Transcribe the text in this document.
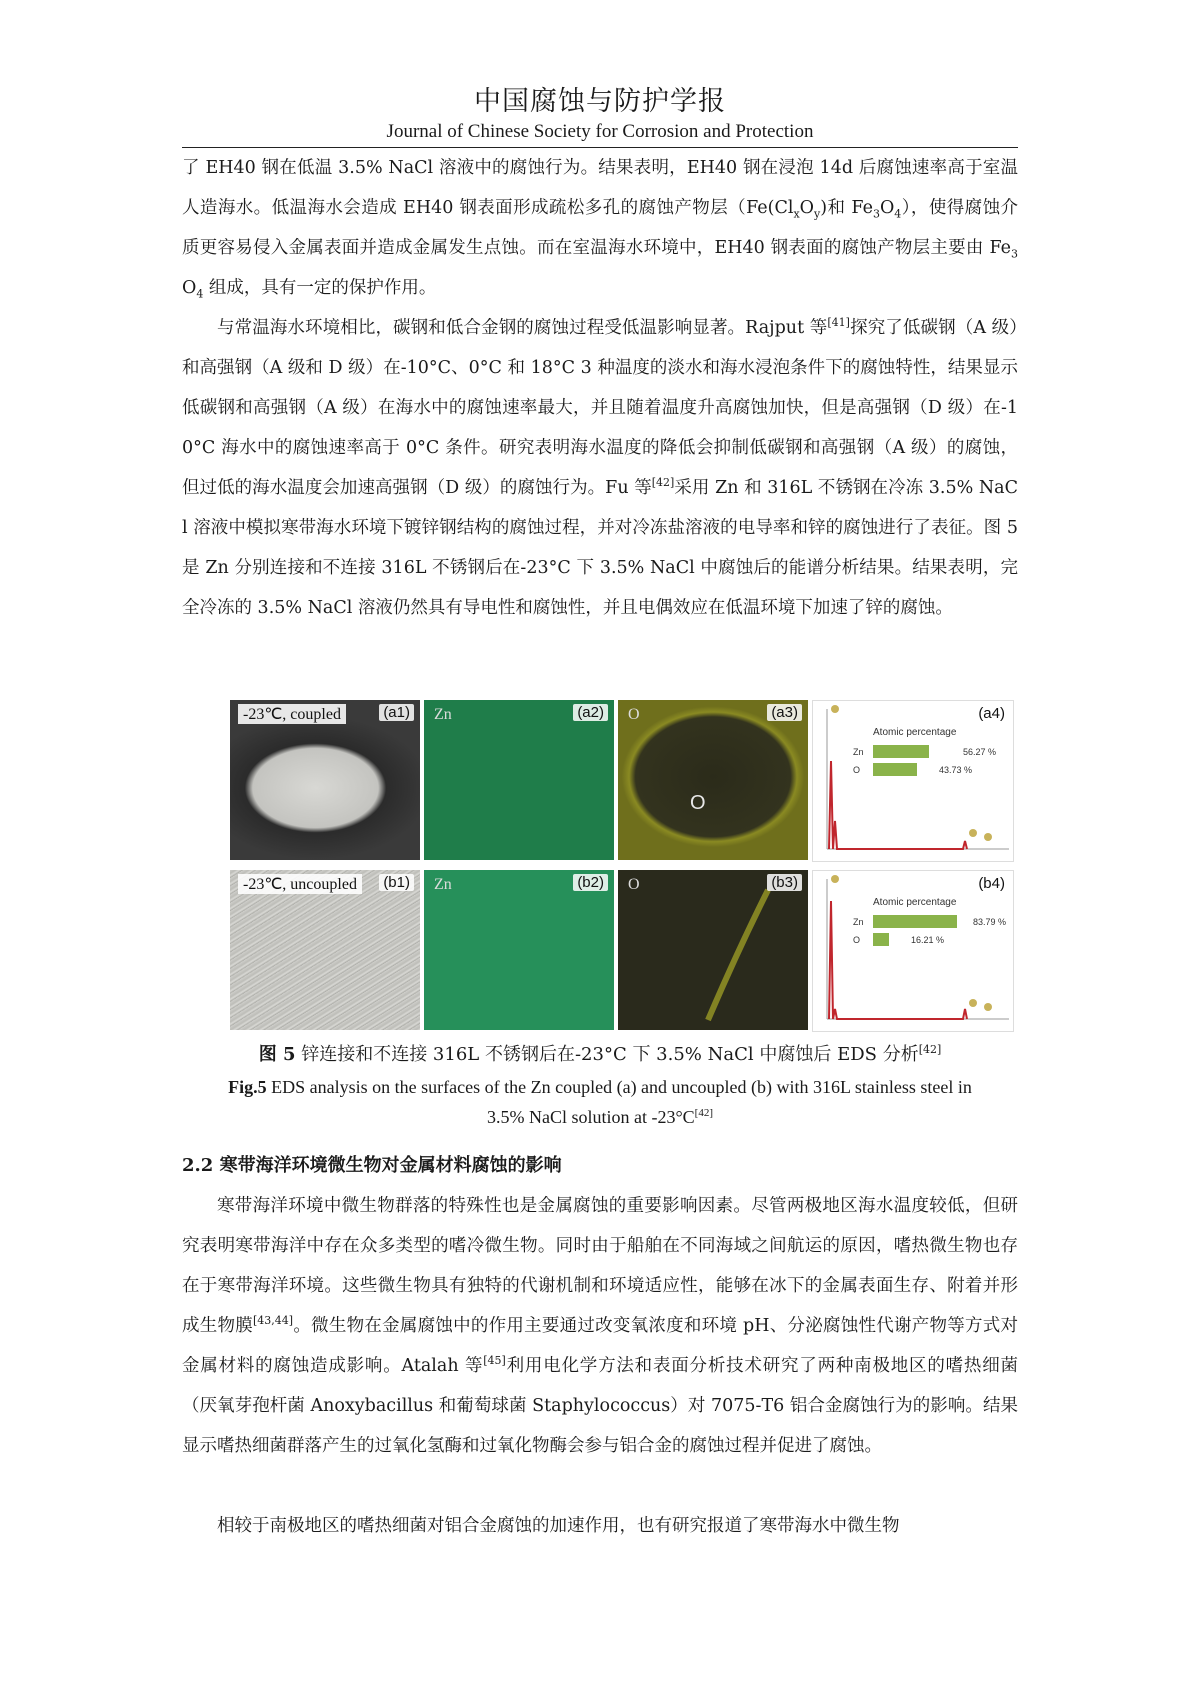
中国腐蚀与防护学报
Journal of Chinese Society for Corrosion and Protection

了 EH40 钢在低温 3.5% NaCl 溶液中的腐蚀行为。结果表明，EH40 钢在浸泡 14d 后腐蚀速率高于室温人造海水。低温海水会造成 EH40 钢表面形成疏松多孔的腐蚀产物层（$Fe(Cl_xO_y)$和 $Fe_3O_4$），使得腐蚀介质更容易侵入金属表面并造成金属发生点蚀。而在室温海水环境中，EH40 钢表面的腐蚀产物层主要由 $Fe_3O_4$ 组成，具有一定的保护作用。

与常温海水环境相比，碳钢和低合金钢的腐蚀过程受低温影响显著。Rajput 等[41]探究了低碳钢（A 级）和高强钢（A 级和 D 级）在-10°C、0°C 和 18°C 3 种温度的淡水和海水浸泡条件下的腐蚀特性，结果显示低碳钢和高强钢（A 级）在海水中的腐蚀速率最大，并且随着温度升高腐蚀加快，但是高强钢（D 级）在-10°C 海水中的腐蚀速率高于 0°C 条件。研究表明海水温度的降低会抑制低碳钢和高强钢（A 级）的腐蚀，但过低的海水温度会加速高强钢（D 级）的腐蚀行为。Fu 等[42]采用 Zn 和 316L 不锈钢在冷冻 3.5% NaCl 溶液中模拟寒带海水环境下镀锌钢结构的腐蚀过程，并对冷冻盐溶液的电导率和锌的腐蚀进行了表征。图 5 是 Zn 分别连接和不连接 316L 不锈钢后在-23°C 下 3.5% NaCl 中腐蚀后的能谱分析结果。结果表明，完全冷冻的 3.5% NaCl 溶液仍然具有导电性和腐蚀性，并且电偶效应在低温环境下加速了锌的腐蚀。

-23℃, coupled	(a1) Zn	(a2) O
O
(a3)	(a4)
Atomic percentage
Zn
O
56.27 %
43.73 %
-23℃, uncoupled	(b1) Zn	(b2) O	(b3)	(b4)
Atomic percentage
Zn
O
83.79 %
16.21 %
图 5 锌连接和不连接 316L 不锈钢后在-23°C 下 3.5% NaCl 中腐蚀后 EDS 分析[42]
Fig.5 EDS analysis on the surfaces of the Zn coupled (a) and uncoupled (b) with 316L stainless steel in 3.5% NaCl solution at -23°C[42]
2.2 寒带海洋环境微生物对金属材料腐蚀的影响

寒带海洋环境中微生物群落的特殊性也是金属腐蚀的重要影响因素。尽管两极地区海水温度较低，但研究表明寒带海洋中存在众多类型的嗜冷微生物。同时由于船舶在不同海域之间航运的原因，嗜热微生物也存在于寒带海洋环境。这些微生物具有独特的代谢机制和环境适应性，能够在冰下的金属表面生存、附着并形成生物膜[43,44]。微生物在金属腐蚀中的作用主要通过改变氧浓度和环境 pH、分泌腐蚀性代谢产物等方式对金属材料的腐蚀造成影响。Atalah 等[45]利用电化学方法和表面分析技术研究了两种南极地区的嗜热细菌（厌氧芽孢杆菌 Anoxybacillus 和葡萄球菌 Staphylococcus）对 7075-T6 铝合金腐蚀行为的影响。结果显示嗜热细菌群落产生的过氧化氢酶和过氧化物酶会参与铝合金的腐蚀过程并促进了腐蚀。

相较于南极地区的嗜热细菌对铝合金腐蚀的加速作用，也有研究报道了寒带海水中微生物
